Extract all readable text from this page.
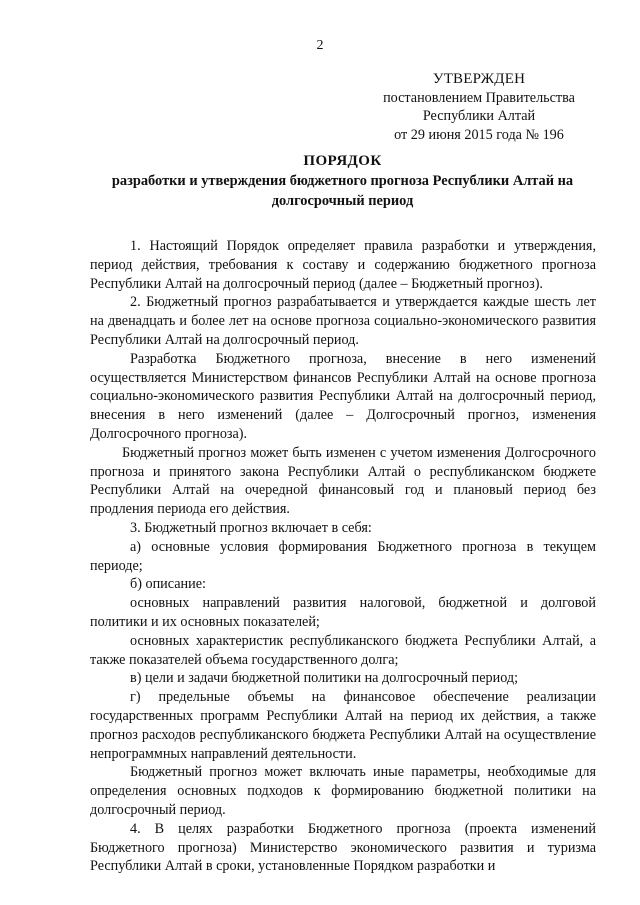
2
УТВЕРЖДЕН
постановлением Правительства
Республики Алтай
от 29 июня 2015 года № 196
ПОРЯДОК
разработки и утверждения бюджетного прогноза Республики Алтай на долгосрочный период

1. Настоящий Порядок определяет правила разработки и утверждения, период действия, требования к составу и содержанию бюджетного прогноза Республики Алтай на долгосрочный период (далее – Бюджетный прогноз).

2. Бюджетный прогноз разрабатывается и утверждается каждые шесть лет на двенадцать и более лет на основе прогноза социально-экономического развития Республики Алтай на долгосрочный период.

Разработка Бюджетного прогноза, внесение в него изменений осуществляется Министерством финансов Республики Алтай на основе прогноза социально-экономического развития Республики Алтай на долгосрочный период, внесения в него изменений (далее – Долгосрочный прогноз, изменения Долгосрочного прогноза).

Бюджетный прогноз может быть изменен с учетом изменения Долгосрочного прогноза и принятого закона Республики Алтай о республиканском бюджете Республики Алтай на очередной финансовый год и плановый период без продления периода его действия.

3. Бюджетный прогноз включает в себя:

а) основные условия формирования Бюджетного прогноза в текущем периоде;

б) описание:

основных направлений развития налоговой, бюджетной и долговой политики и их основных показателей;

основных характеристик республиканского бюджета Республики Алтай, а также показателей объема государственного долга;

в) цели и задачи бюджетной политики на долгосрочный период;

г) предельные объемы на финансовое обеспечение реализации государственных программ Республики Алтай на период их действия, а также прогноз расходов республиканского бюджета Республики Алтай на осуществление непрограммных направлений деятельности.

Бюджетный прогноз может включать иные параметры, необходимые для определения основных подходов к формированию бюджетной политики на долгосрочный период.

4. В целях разработки Бюджетного прогноза (проекта изменений Бюджетного прогноза) Министерство экономического развития и туризма Республики Алтай в сроки, установленные Порядком разработки и
